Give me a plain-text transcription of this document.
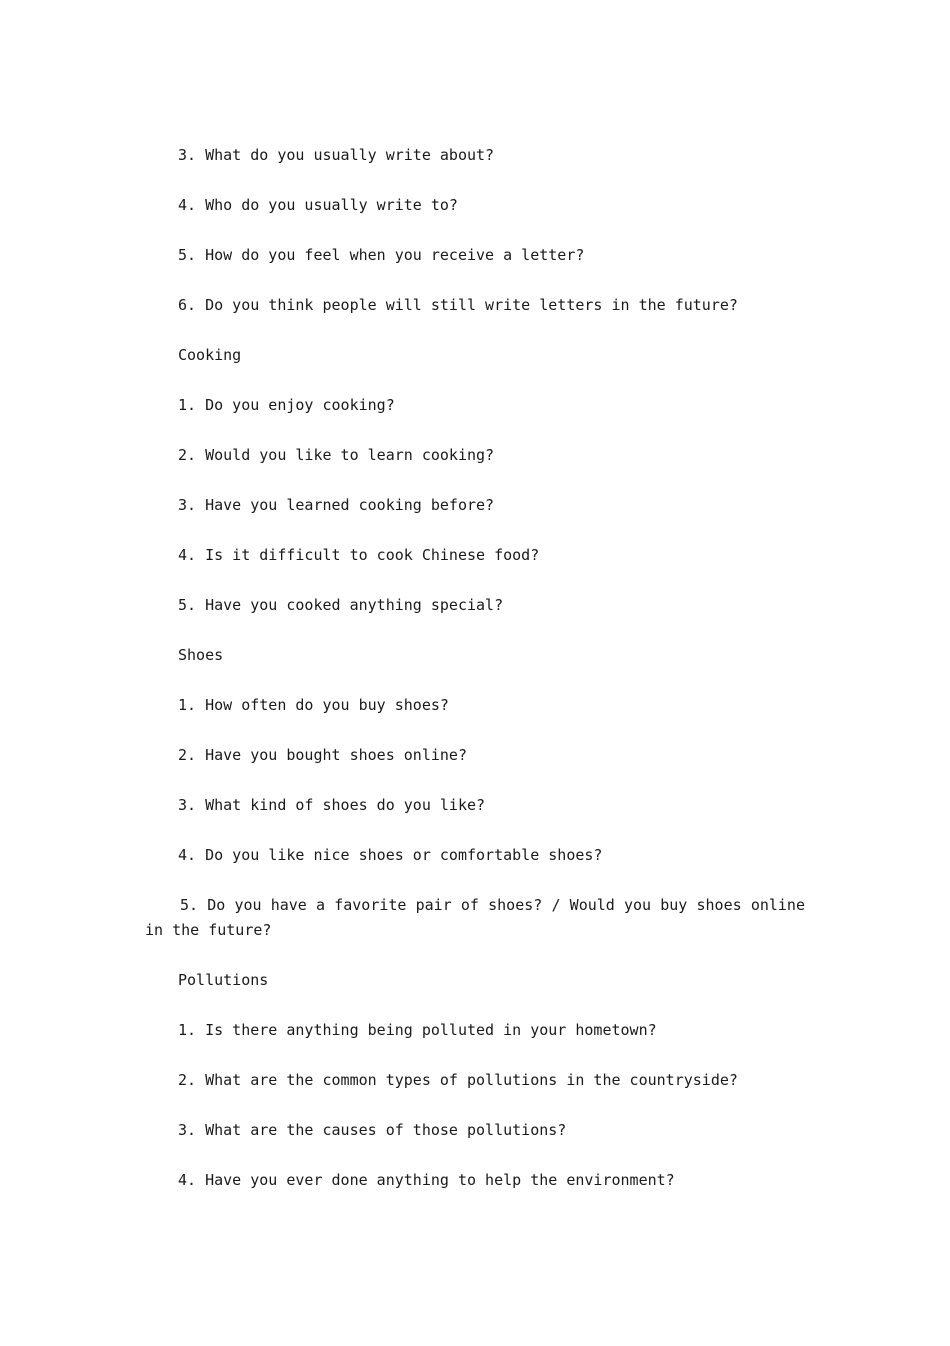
3. What do you usually write about?
4. Who do you usually write to?
5. How do you feel when you receive a letter?
6. Do you think people will still write letters in the future?
Cooking
1. Do you enjoy cooking?
2. Would you like to learn cooking?
3. Have you learned cooking before?
4. Is it difficult to cook Chinese food?
5. Have you cooked anything special?
Shoes
1. How often do you buy shoes?
2. Have you bought shoes online?
3. What kind of shoes do you like?
4. Do you like nice shoes or comfortable shoes?
5. Do you have a favorite pair of shoes? / Would you buy shoes online in the future?
Pollutions
1. Is there anything being polluted in your hometown?
2. What are the common types of pollutions in the countryside?
3. What are the causes of those pollutions?
4. Have you ever done anything to help the environment?
